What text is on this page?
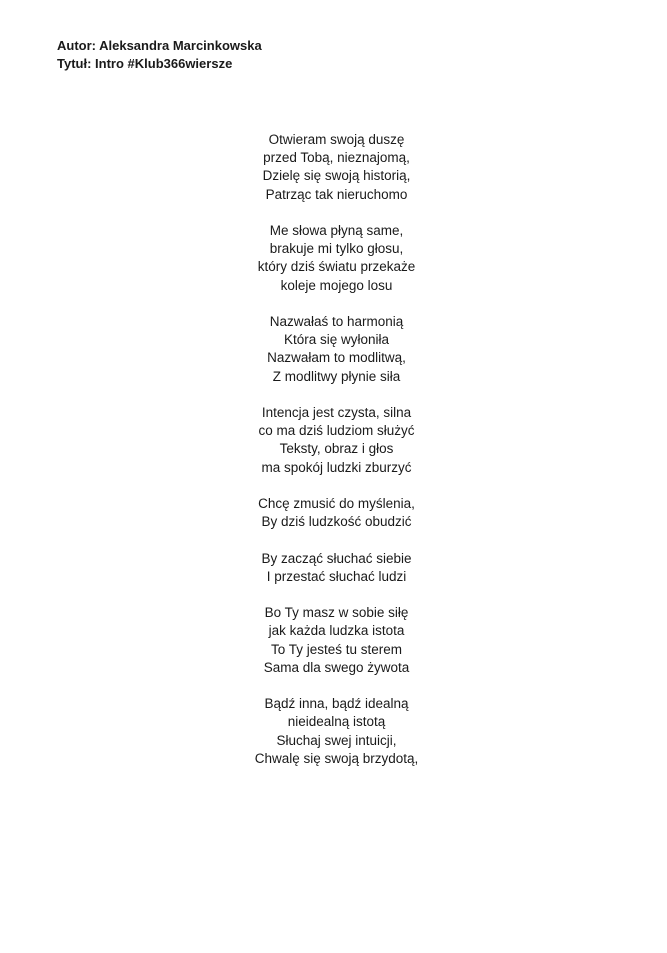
Autor: Aleksandra Marcinkowska
Tytuł: Intro #Klub366wiersze
Otwieram swoją duszę
przed Tobą, nieznajomą,
Dzielę się swoją historią,
Patrząc tak nieruchomo
Me słowa płyną same,
brakuje mi tylko głosu,
który dziś światu przekaże
koleje mojego losu
Nazwałaś to harmonią
Która się wyłoniła
Nazwałam to modlitwą,
Z modlitwy płynie siła
Intencja jest czysta, silna
co ma dziś ludziom służyć
Teksty, obraz i głos
ma spokój ludzki zburzyć
Chcę zmusić do myślenia,
By dziś ludzkość obudzić
By zacząć słuchać siebie
I przestać słuchać ludzi
Bo Ty masz w sobie siłę
jak każda ludzka istota
To Ty jesteś tu sterem
Sama dla swego żywota
Bądź inna, bądź idealną
nieidealną istotą
Słuchaj swej intuicji,
Chwalę się swoją brzydotą,
